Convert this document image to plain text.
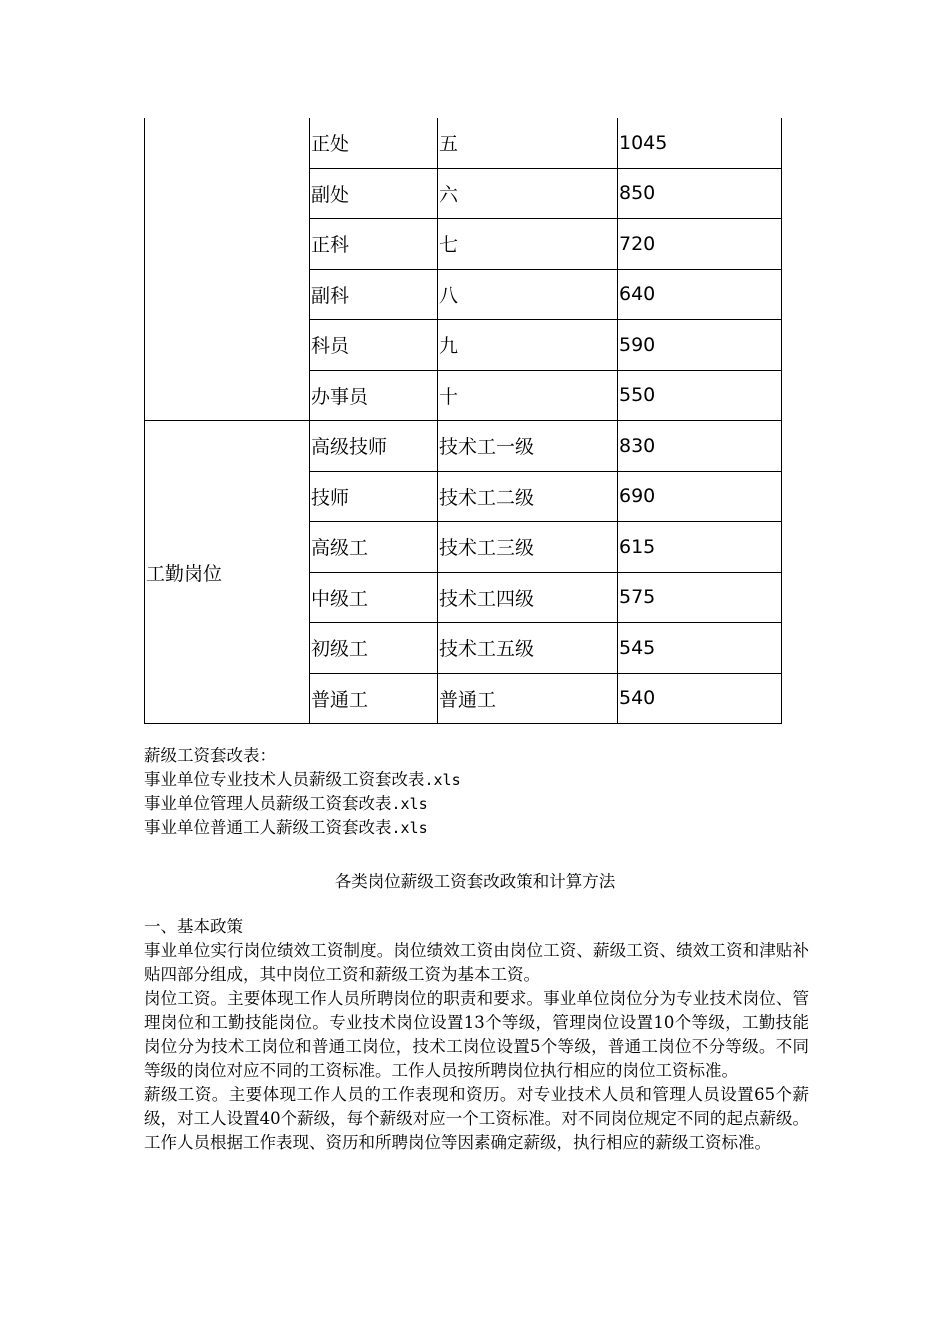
	正处	五	1045
	副处	六	850
	正科	七	720
	副科	八	640
	科员	九	590
	办事员	十	550
工勤岗位	高级技师	技术工一级	830
	技师	技术工二级	690
	高级工	技术工三级	615
	中级工	技术工四级	575
	初级工	技术工五级	545
	普通工	普通工	540
薪级工资套改表：
事业单位专业技术人员薪级工资套改表.xls
事业单位管理人员薪级工资套改表.xls
事业单位普通工人薪级工资套改表.xls
各类岗位薪级工资套改政策和计算方法

一、基本政策

事业单位实行岗位绩效工资制度。岗位绩效工资由岗位工资、薪级工资、绩效工资和津贴补贴四部分组成，其中岗位工资和薪级工资为基本工资。

岗位工资。主要体现工作人员所聘岗位的职责和要求。事业单位岗位分为专业技术岗位、管理岗位和工勤技能岗位。专业技术岗位设置13个等级，管理岗位设置10个等级，工勤技能岗位分为技术工岗位和普通工岗位，技术工岗位设置5个等级，普通工岗位不分等级。不同等级的岗位对应不同的工资标准。工作人员按所聘岗位执行相应的岗位工资标准。

薪级工资。主要体现工作人员的工作表现和资历。对专业技术人员和管理人员设置65个薪级，对工人设置40个薪级，每个薪级对应一个工资标准。对不同岗位规定不同的起点薪级。工作人员根据工作表现、资历和所聘岗位等因素确定薪级，执行相应的薪级工资标准。
